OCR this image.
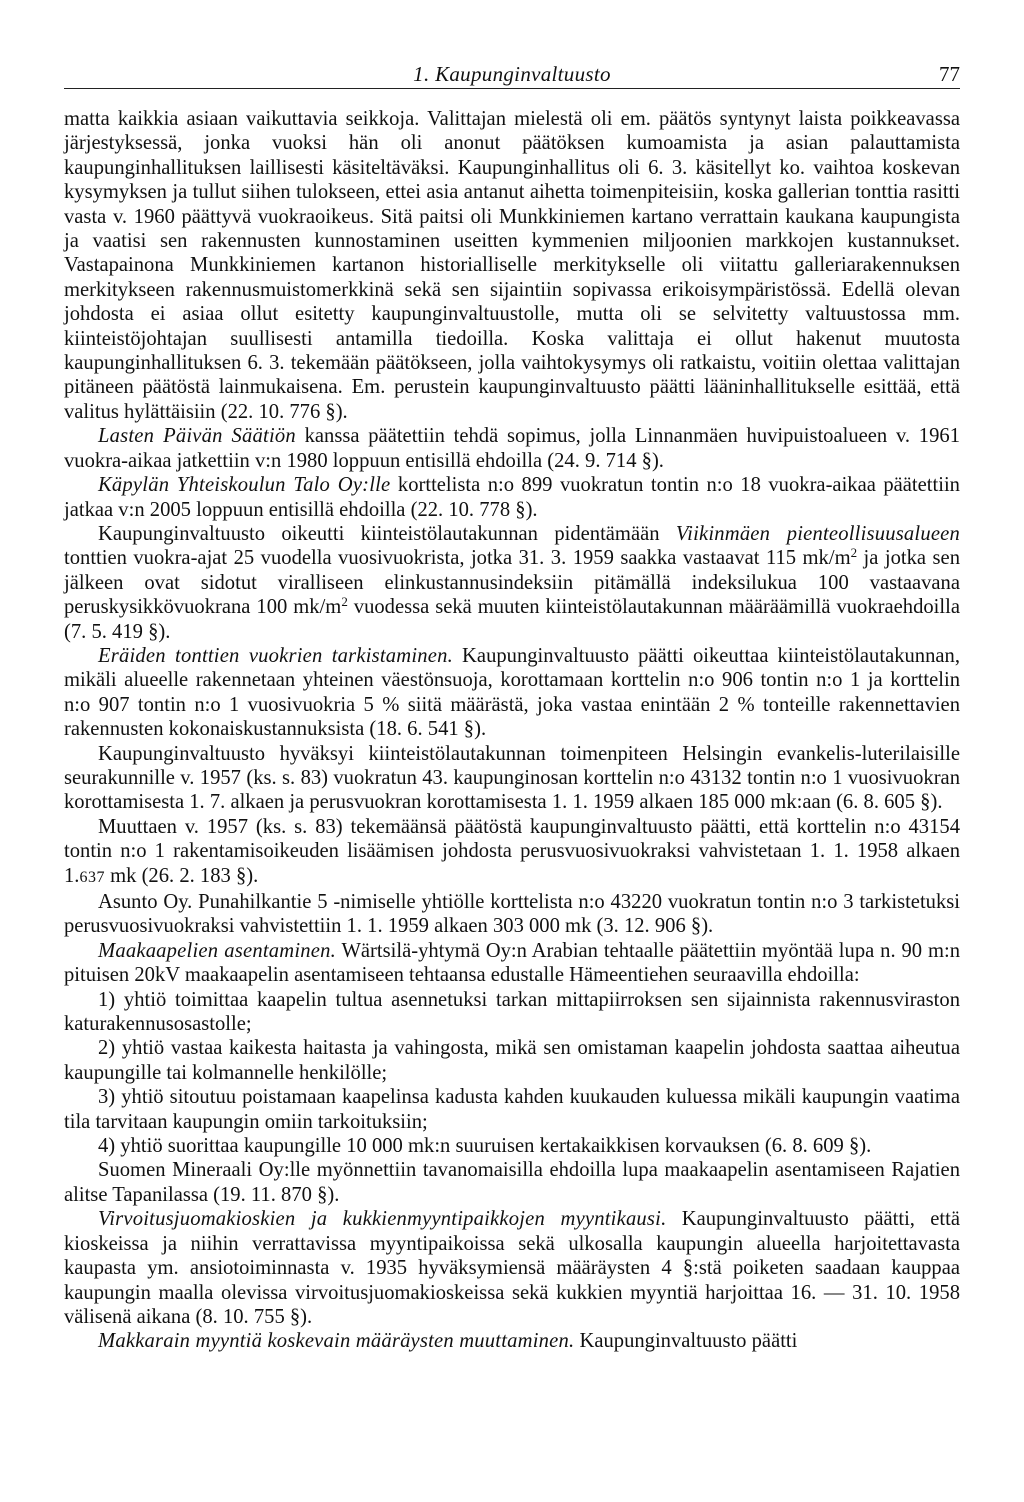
1. Kaupunginvaltuusto	77

matta kaikkia asiaan vaikuttavia seikkoja. Valittajan mielestä oli em. päätös syntynyt laista poikkeavassa järjestyksessä, jonka vuoksi hän oli anonut päätöksen kumoamista ja asian palauttamista kaupunginhallituksen laillisesti käsiteltäväksi. Kaupunginhallitus oli 6. 3. käsitellyt ko. vaihtoa koskevan kysymyksen ja tullut siihen tulokseen, ettei asia antanut aihetta toimenpiteisiin, koska gallerian tonttia rasitti vasta v. 1960 päättyvä vuokraoikeus. Sitä paitsi oli Munkkiniemen kartano verrattain kaukana kaupungista ja vaatisi sen rakennusten kunnostaminen useitten kymmenien miljoonien markkojen kustannukset. Vastapainona Munkkiniemen kartanon historialliselle merkitykselle oli viitattu galleriarakennuksen merkitykseen rakennusmuistomerkkinä sekä sen sijaintiin sopivassa erikoisympäristössä. Edellä olevan johdosta ei asiaa ollut esitetty kaupunginvaltuustolle, mutta oli se selvitetty valtuustossa mm. kiinteistöjohtajan suullisesti antamilla tiedoilla. Koska valittaja ei ollut hakenut muutosta kaupunginhallituksen 6. 3. tekemään päätökseen, jolla vaihtokysymys oli ratkaistu, voitiin olettaa valittajan pitäneen päätöstä lainmukaisena. Em. perustein kaupunginvaltuusto päätti lääninhallitukselle esittää, että valitus hylättäisiin (22. 10. 776 §).

Lasten Päivän Säätiön kanssa päätettiin tehdä sopimus, jolla Linnanmäen huvipuistoalueen v. 1961 vuokra-aikaa jatkettiin v:n 1980 loppuun entisillä ehdoilla (24. 9. 714 §).

Käpylän Yhteiskoulun Talo Oy:lle korttelista n:o 899 vuokratun tontin n:o 18 vuokra-aikaa päätettiin jatkaa v:n 2005 loppuun entisillä ehdoilla (22. 10. 778 §).

Kaupunginvaltuusto oikeutti kiinteistölautakunnan pidentämään Viikinmäen pienteollisuusalueen tonttien vuokra-ajat 25 vuodella vuosivuokrista, jotka 31. 3. 1959 saakka vastaavat 115 $mk/m^2$ ja jotka sen jälkeen ovat sidotut viralliseen elinkustannusindeksiin pitämällä indeksilukua 100 vastaavana peruskysikkövuokrana 100 $mk/m^2$ vuodessa sekä muuten kiinteistölautakunnan määräämillä vuokraehdoilla (7. 5. 419 §).

Eräiden tonttien vuokrien tarkistaminen. Kaupunginvaltuusto päätti oikeuttaa kiinteistölautakunnan, mikäli alueelle rakennetaan yhteinen väestönsuoja, korottamaan korttelin n:o 906 tontin n:o 1 ja korttelin n:o 907 tontin n:o 1 vuosivuokria 5 % siitä määrästä, joka vastaa enintään 2 % tonteille rakennettavien rakennusten kokonaiskustannuksista (18. 6. 541 §).

Kaupunginvaltuusto hyväksyi kiinteistölautakunnan toimenpiteen Helsingin evankelis-luterilaisille seurakunnille v. 1957 (ks. s. 83) vuokratun 43. kaupunginosan korttelin n:o 43132 tontin n:o 1 vuosivuokran korottamisesta 1. 7. alkaen ja perusvuokran korottamisesta 1. 1. 1959 alkaen 185 000 mk:aan (6. 8. 605 §).

Muuttaen v. 1957 (ks. s. 83) tekemäänsä päätöstä kaupunginvaltuusto päätti, että korttelin n:o 43154 tontin n:o 1 rakentamisoikeuden lisäämisen johdosta perusvuosivuokraksi vahvistetaan 1. 1. 1958 alkaen 1.637 mk (26. 2. 183 §).

Asunto Oy. Punahilkantie 5 -nimiselle yhtiölle korttelista n:o 43220 vuokratun tontin n:o 3 tarkistetuksi perusvuosivuokraksi vahvistettiin 1. 1. 1959 alkaen 303 000 mk (3. 12. 906 §).

Maakaapelien asentaminen. Wärtsilä-yhtymä Oy:n Arabian tehtaalle päätettiin myöntää lupa n. 90 m:n pituisen 20kV maakaapelin asentamiseen tehtaansa edustalle Hämeentiehen seuraavilla ehdoilla:

1) yhtiö toimittaa kaapelin tultua asennetuksi tarkan mittapiirroksen sen sijainnista rakennusviraston katurakennusosastolle;

2) yhtiö vastaa kaikesta haitasta ja vahingosta, mikä sen omistaman kaapelin johdosta saattaa aiheutua kaupungille tai kolmannelle henkilölle;

3) yhtiö sitoutuu poistamaan kaapelinsa kadusta kahden kuukauden kuluessa mikäli kaupungin vaatima tila tarvitaan kaupungin omiin tarkoituksiin;

4) yhtiö suorittaa kaupungille 10 000 mk:n suuruisen kertakaikkisen korvauksen (6. 8. 609 §).

Suomen Mineraali Oy:lle myönnettiin tavanomaisilla ehdoilla lupa maakaapelin asentamiseen Rajatien alitse Tapanilassa (19. 11. 870 §).

Virvoitusjuomakioskien ja kukkienmyyntipaikkojen myyntikausi. Kaupunginvaltuusto päätti, että kioskeissa ja niihin verrattavissa myyntipaikoissa sekä ulkosalla kaupungin alueella harjoitettavasta kaupasta ym. ansiotoiminnasta v. 1935 hyväksymiensä määräysten 4 §:stä poiketen saadaan kauppaa kaupungin maalla olevissa virvoitusjuomakioskeissa sekä kukkien myyntiä harjoittaa 16. — 31. 10. 1958 välisenä aikana (8. 10. 755 §).

Makkarain myyntiä koskevain määräysten muuttaminen. Kaupunginvaltuusto päätti
